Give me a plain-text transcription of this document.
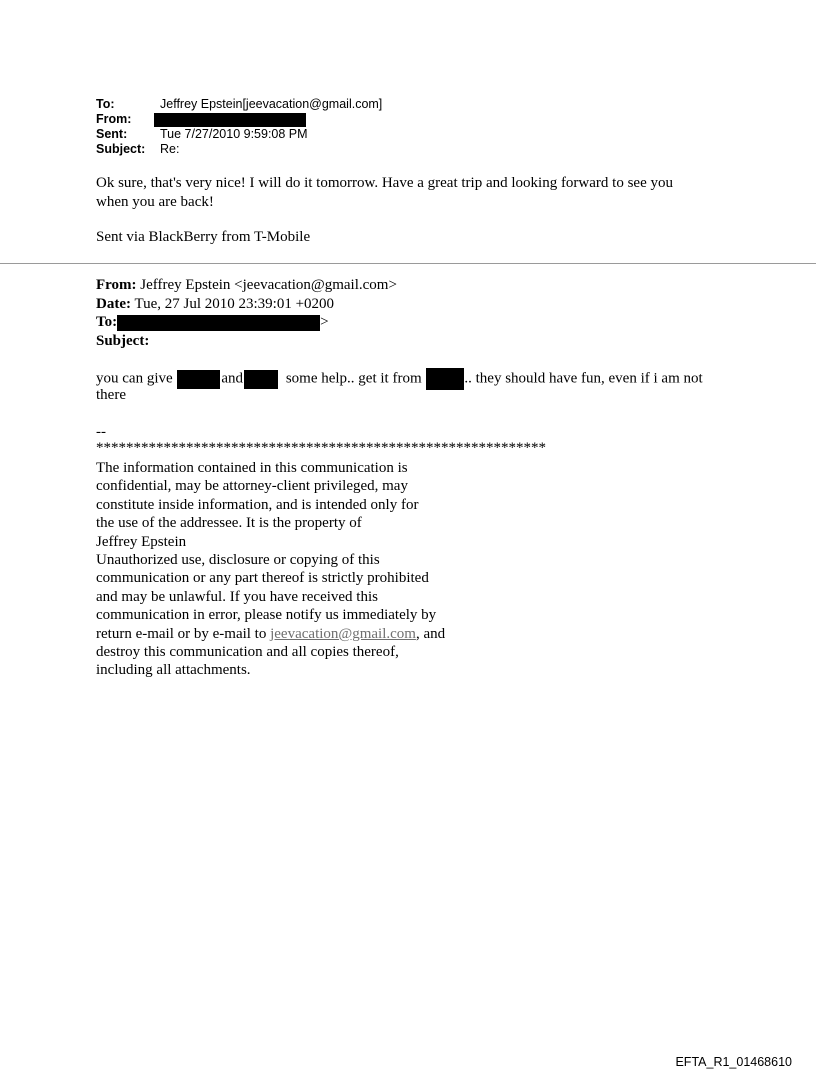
To:	Jeffrey Epstein[jeevacation@gmail.com]
From:
Sent:	Tue 7/27/2010 9:59:08 PM
Subject: Re:
Ok sure, that's very nice! I will do it tomorrow. Have a great trip and looking forward to see you
when you are back!
Sent via BlackBerry from T-Mobile
From: Jeffrey Epstein <jeevacation@gmail.com>
Date: Tue, 27 Jul 2010 23:39:01 +0200
To:	>
Subject:
you can give	and	some help.. get it from	.. they should have fun, even if i am not
there
--
************************************************************
The information contained in this communication is
confidential, may be attorney-client privileged, may
constitute inside information, and is intended only for
the use of the addressee. It is the property of
Jeffrey Epstein
Unauthorized use, disclosure or copying of this
communication or any part thereof is strictly prohibited
and may be unlawful. If you have received this
communication in error, please notify us immediately by
return e-mail or by e-mail to jeevacation@gmail.com, and
destroy this communication and all copies thereof,
including all attachments.
EFTA_R1_01468610
